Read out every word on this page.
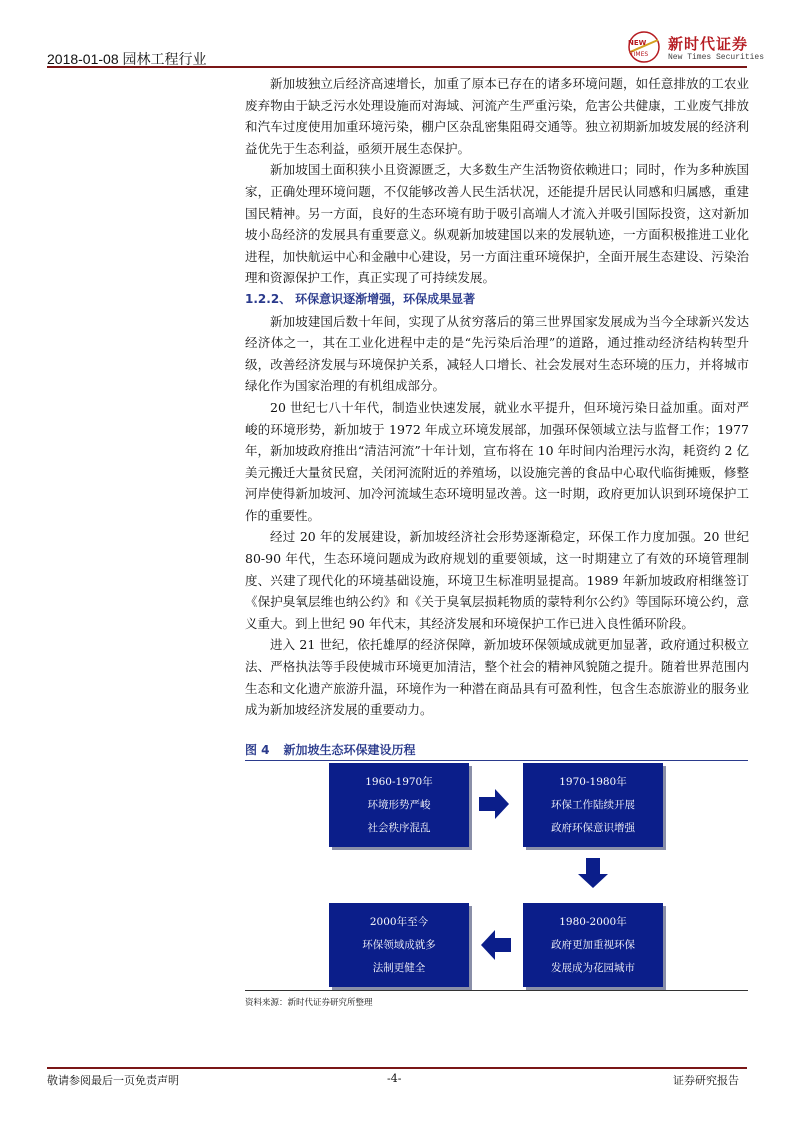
2018-01-08 园林工程行业
NEW
TIMES
新时代证券
New Times Securities

新加坡独立后经济高速增长，加重了原本已存在的诸多环境问题，如任意排放的工农业废弃物由于缺乏污水处理设施而对海域、河流产生严重污染，危害公共健康，工业废气排放和汽车过度使用加重环境污染，棚户区杂乱密集阻碍交通等。独立初期新加坡发展的经济利益优先于生态利益，亟须开展生态保护。

新加坡国土面积狭小且资源匮乏，大多数生产生活物资依赖进口；同时，作为多种族国家，正确处理环境问题，不仅能够改善人民生活状况，还能提升居民认同感和归属感，重建国民精神。另一方面，良好的生态环境有助于吸引高端人才流入并吸引国际投资，这对新加坡小岛经济的发展具有重要意义。纵观新加坡建国以来的发展轨迹，一方面积极推进工业化进程，加快航运中心和金融中心建设，另一方面注重环境保护，全面开展生态建设、污染治理和资源保护工作，真正实现了可持续发展。

1.2.2、 环保意识逐渐增强，环保成果显著

新加坡建国后数十年间，实现了从贫穷落后的第三世界国家发展成为当今全球新兴发达经济体之一，其在工业化进程中走的是“先污染后治理”的道路，通过推动经济结构转型升级，改善经济发展与环境保护关系，减轻人口增长、社会发展对生态环境的压力，并将城市绿化作为国家治理的有机组成部分。

20 世纪七八十年代，制造业快速发展，就业水平提升，但环境污染日益加重。面对严峻的环境形势，新加坡于 1972 年成立环境发展部，加强环保领域立法与监督工作；1977 年，新加坡政府推出“清洁河流”十年计划，宣布将在 10 年时间内治理污水沟，耗资约 2 亿美元搬迁大量贫民窟，关闭河流附近的养殖场，以设施完善的食品中心取代临街摊贩，修整河岸使得新加坡河、加冷河流域生态环境明显改善。这一时期，政府更加认识到环境保护工作的重要性。

经过 20 年的发展建设，新加坡经济社会形势逐渐稳定，环保工作力度加强。20 世纪 80-90 年代，生态环境问题成为政府规划的重要领域，这一时期建立了有效的环境管理制度、兴建了现代化的环境基础设施，环境卫生标准明显提高。1989 年新加坡政府相继签订《保护臭氧层维也纳公约》和《关于臭氧层损耗物质的蒙特利尔公约》等国际环境公约，意义重大。到上世纪 90 年代末，其经济发展和环境保护工作已进入良性循环阶段。

进入 21 世纪，依托雄厚的经济保障，新加坡环保领域成就更加显著，政府通过积极立法、严格执法等手段使城市环境更加清洁，整个社会的精神风貌随之提升。随着世界范围内生态和文化遗产旅游升温，环境作为一种潜在商品具有可盈利性，包含生态旅游业的服务业成为新加坡经济发展的重要动力。

图 4 新加坡生态环保建设历程
1960-1970年
环境形势严峻
社会秩序混乱
1970-1980年
环保工作陆续开展
政府环保意识增强
1980-2000年
政府更加重视环保
发展成为花园城市
2000年至今
环保领域成就多
法制更健全
资料来源：新时代证券研究所整理
敬请参阅最后一页免责声明	-4-	证券研究报告
